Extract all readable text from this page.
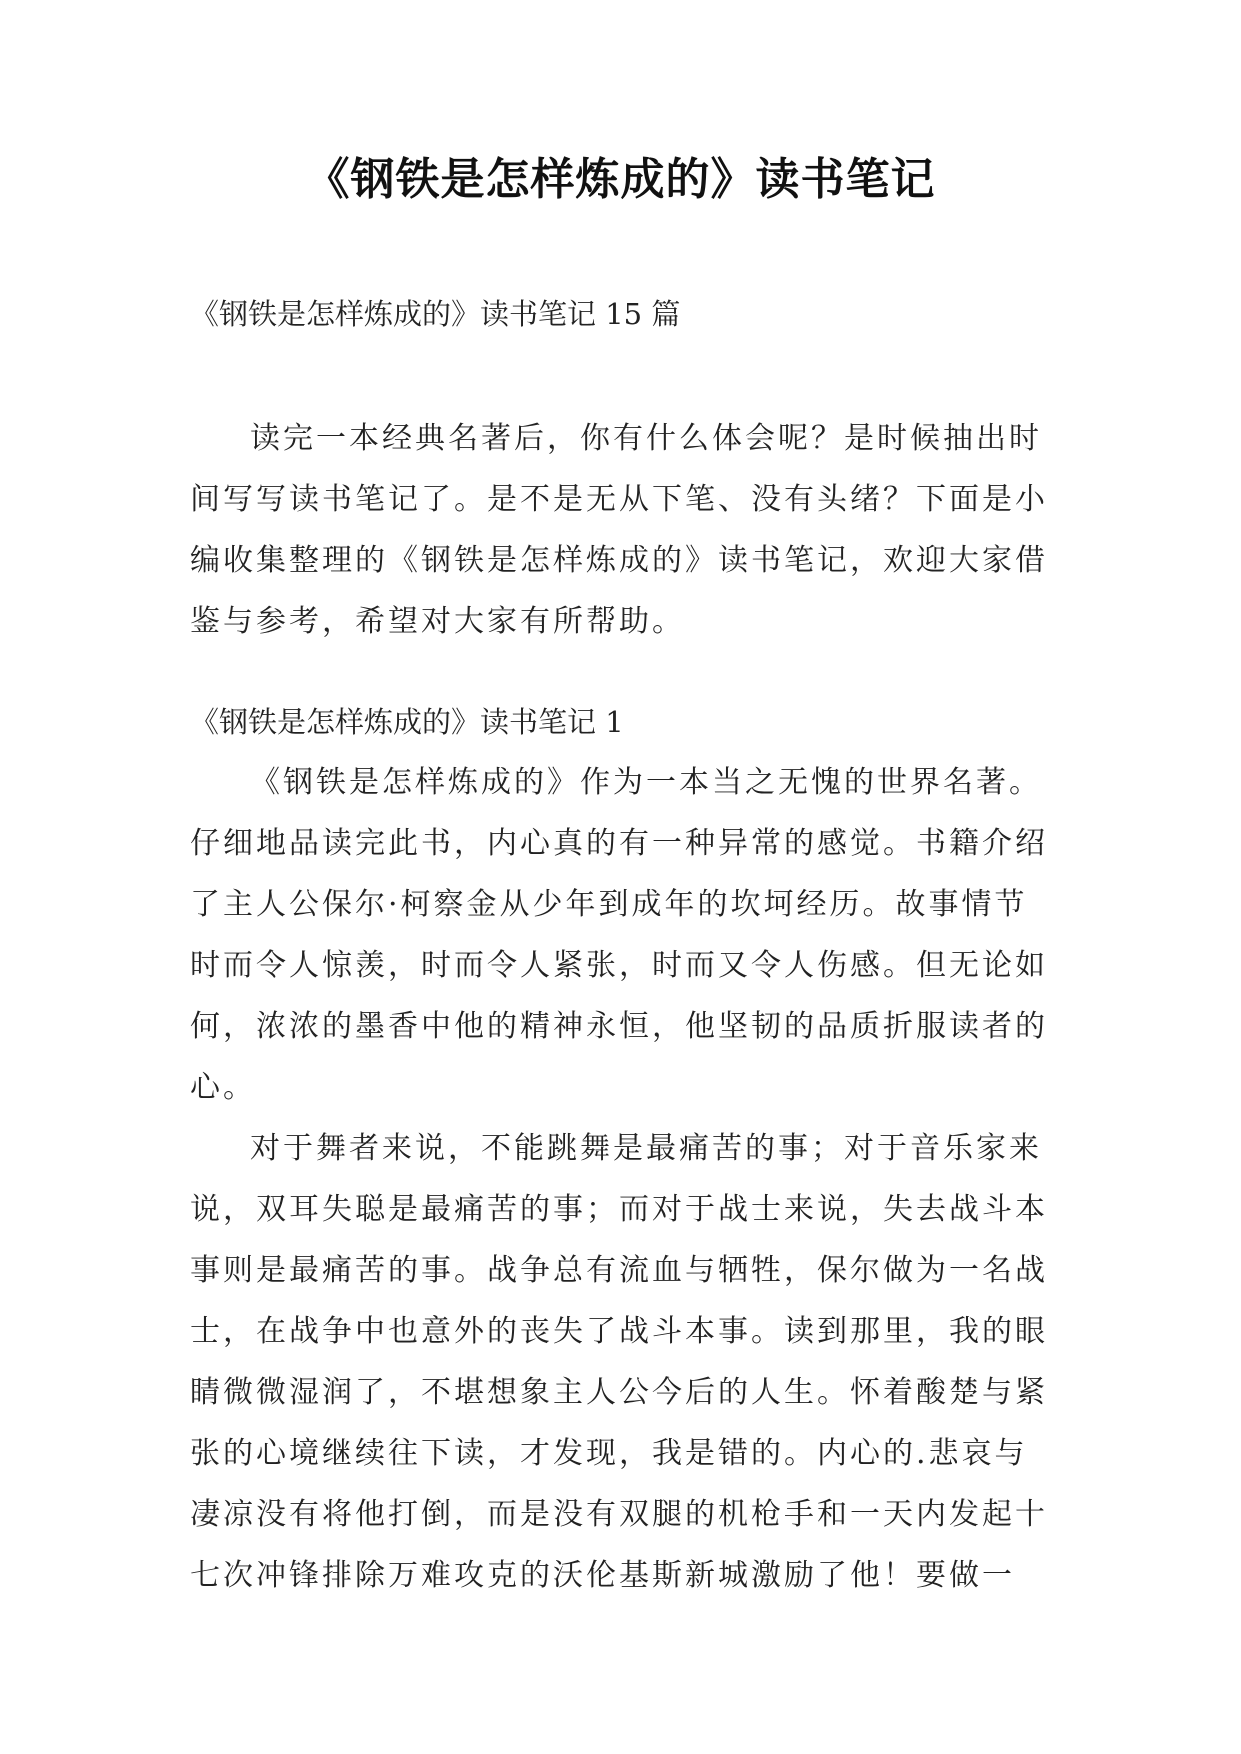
《钢铁是怎样炼成的》读书笔记
《钢铁是怎样炼成的》读书笔记 15 篇

读完一本经典名著后，你有什么体会呢？是时候抽出时间写写读书笔记了。是不是无从下笔、没有头绪？下面是小编收集整理的《钢铁是怎样炼成的》读书笔记，欢迎大家借鉴与参考，希望对大家有所帮助。

《钢铁是怎样炼成的》读书笔记 1

《钢铁是怎样炼成的》作为一本当之无愧的世界名著。仔细地品读完此书，内心真的有一种异常的感觉。书籍介绍了主人公保尔·柯察金从少年到成年的坎坷经历。故事情节时而令人惊羡，时而令人紧张，时而又令人伤感。但无论如何，浓浓的墨香中他的精神永恒，他坚韧的品质折服读者的心。

对于舞者来说，不能跳舞是最痛苦的事；对于音乐家来说，双耳失聪是最痛苦的事；而对于战士来说，失去战斗本事则是最痛苦的事。战争总有流血与牺牲，保尔做为一名战士，在战争中也意外的丧失了战斗本事。读到那里，我的眼睛微微湿润了，不堪想象主人公今后的人生。怀着酸楚与紧张的心境继续往下读，才发现，我是错的。内心的.悲哀与凄凉没有将他打倒，而是没有双腿的机枪手和一天内发起十七次冲锋排除万难攻克的沃伦基斯新城激励了他！要做一
